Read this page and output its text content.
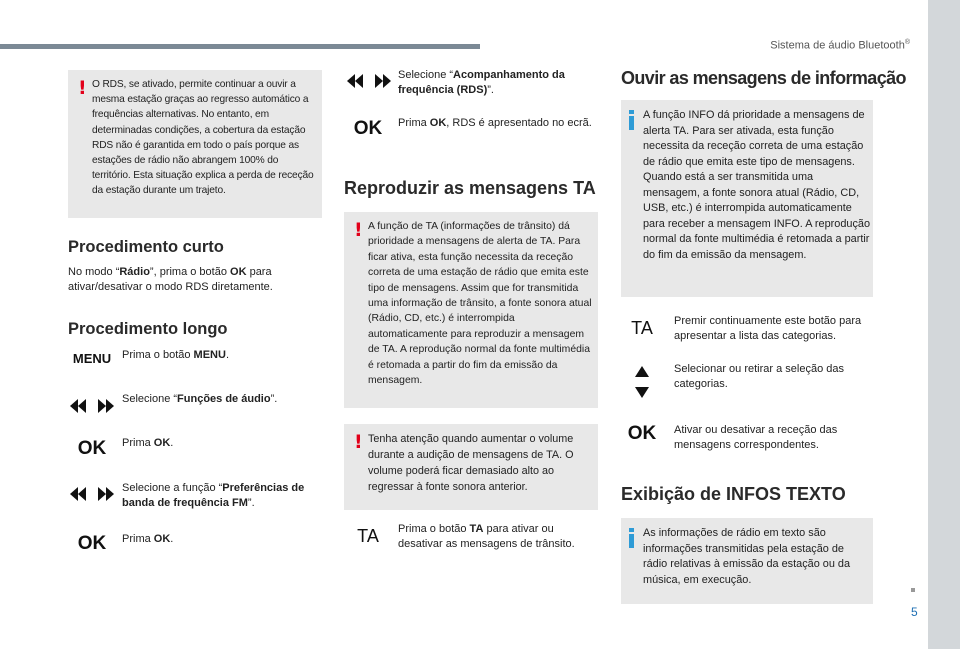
Sistema de áudio Bluetooth®
5
! O RDS, se ativado, permite continuar a ouvir a mesma estação graças ao regresso automático a frequências alternativas. No entanto, em determinadas condições, a cobertura da estação RDS não é garantida em todo o país porque as estações de rádio não abrangem 100% do território. Esta situação explica a perda de receção da estação durante um trajeto.

Procedimento curto
No modo “Rádio”, prima o botão OK para ativar/desativar o modo RDS diretamente.
Procedimento longo
MENU Prima o botão MENU.
Selecione “Funções de áudio”.
OK	Prima OK.
Selecione a função “Preferências de banda de frequência FM”.
OK	Prima OK.
Selecione “Acompanhamento da frequência (RDS)”.
OK	Prima OK, RDS é apresentado no ecrã.
Reproduzir as mensagens TA
! A função de TA (informações de trânsito) dá prioridade a mensagens de alerta de TA. Para ficar ativa, esta função necessita da receção correta de uma estação de rádio que emita este tipo de mensagens. Assim que for transmitida uma informação de trânsito, a fonte sonora atual (Rádio, CD, etc.) é interrompida automaticamente para reproduzir a mensagem de TA. A reprodução normal da fonte multimédia é retomada a partir do fim da emissão da mensagem.

! Tenha atenção quando aumentar o volume durante a audição de mensagens de TA. O volume poderá ficar demasiado alto ao regressar à fonte sonora anterior.

TA	Prima o botão TA para ativar ou desativar as mensagens de trânsito.
Ouvir as mensagens de informação

A função INFO dá prioridade a mensagens de alerta TA. Para ser ativada, esta função necessita da receção correta de uma estação de rádio que emita este tipo de mensagens. Quando está a ser transmitida uma mensagem, a fonte sonora atual (Rádio, CD, USB, etc.) é interrompida automaticamente para receber a mensagem INFO. A reprodução normal da fonte multimédia é retomada a partir do fim da emissão da mensagem.

TA	Premir continuamente este botão para apresentar a lista das categorias.
Selecionar ou retirar a seleção das categorias.
OK	Ativar ou desativar a receção das mensagens correspondentes.
Exibição de INFOS TEXTO

As informações de rádio em texto são informações transmitidas pela estação de rádio relativas à emissão da estação ou da música, em execução.
